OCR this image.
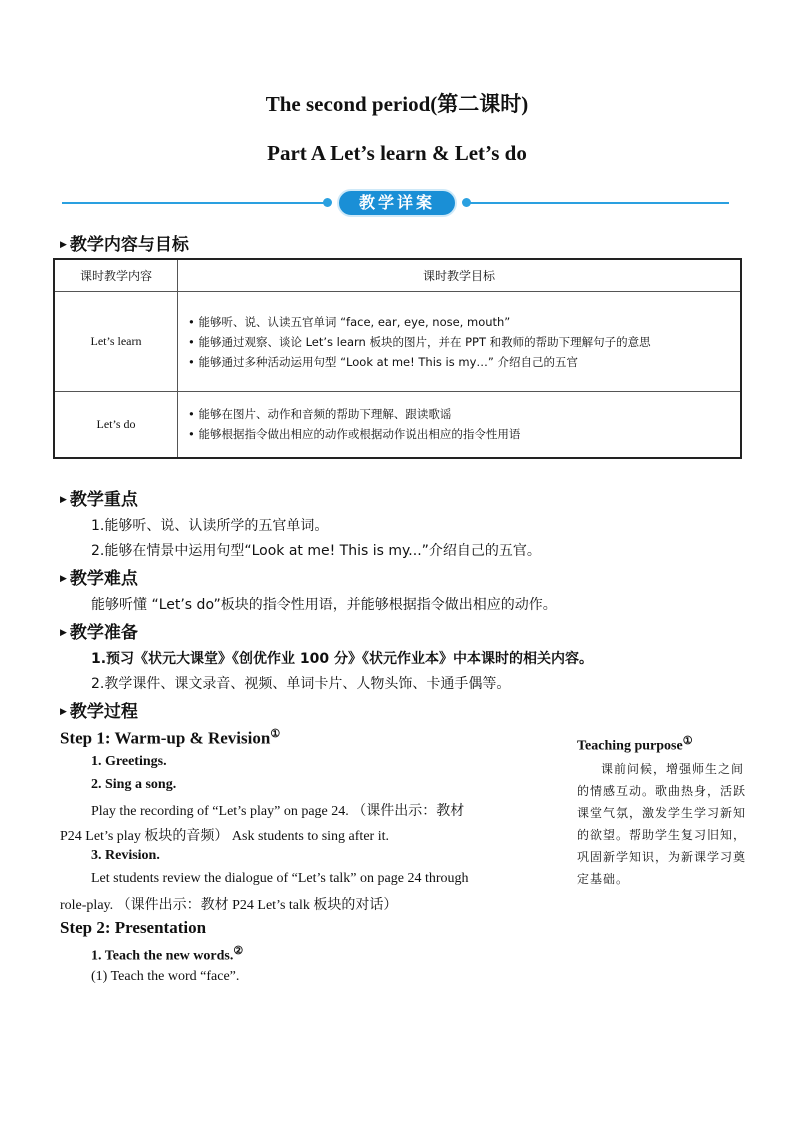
The second period(第二课时)
Part A Let’s learn & Let’s do
教学详案
▶ 教学内容与目标
课时教学内容	课时教学目标
Let’s learn	• 能够听、说、认读五官单词 “face, ear, eye, nose, mouth”
• 能够通过观察、谈论 Let’s learn 板块的图片，并在 PPT 和教师的帮助下理解句子的意思
• 能够通过多种活动运用句型 “Look at me! This is my…” 介绍自己的五官

Let’s do	• 能够在图片、动作和音频的帮助下理解、跟读歌谣
• 能够根据指令做出相应的动作或根据动作说出相应的指令性用语
▶ 教学重点
1.能够听、说、认读所学的五官单词。
2.能够在情景中运用句型“Look at me! This is my...”介绍自己的五官。
▶ 教学难点
能够听懂 “Let’s do”板块的指令性用语，并能够根据指令做出相应的动作。
▶ 教学准备
1.预习《状元大课堂》《创优作业 100 分》《状元作业本》中本课时的相关内容。
2.教学课件、课文录音、视频、单词卡片、人物头饰、卡通手偶等。
▶ 教学过程
Step 1: Warm-up & Revision①
1. Greetings.
2. Sing a song.
Play the recording of “Let’s play” on page 24. （课件出示：教材
P24 Let’s play 板块的音频） Ask students to sing after it.
3. Revision.
Let students review the dialogue of “Let’s talk” on page 24 through
role-play. （课件出示：教材 P24 Let’s talk 板块的对话）
Step 2: Presentation
1. Teach the new words.②
(1) Teach the word “face”.
Teaching purpose①
课前问候，增强师生之间的情感互动。歌曲热身，活跃课堂气氛，激发学生学习新知的欲望。帮助学生复习旧知，巩固新学知识，为新课学习奠定基础。
